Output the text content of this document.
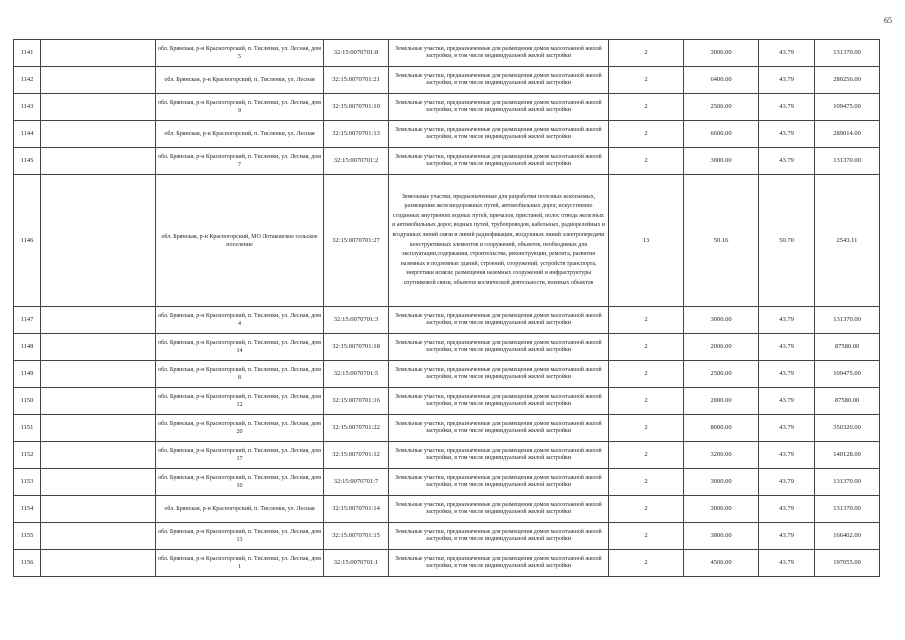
65
1141		обл. Брянская, р-н Красногорский, п. Тисленки, ул. Лесная, дом 5	32:15:0070701:8	Земельные участки, предназначенные для размещения домов малоэтажной жилой застройки, в том числе индивидуальной жилой застройки	2	3000.00	43.79	131370.00
1142		обл. Брянская, р-н Красногорский, п. Тисленки, ул. Лесная	32:15:0070701:21	Земельные участки, предназначенные для размещения домов малоэтажной жилой застройки, в том числе индивидуальной жилой застройки	2	6400.00	43.79	280256.00
1143		обл. Брянская, р-н Красногорский, п. Тисленки, ул. Лесная, дом 9	32:15:0070701:10	Земельные участки, предназначенные для размещения домов малоэтажной жилой застройки, в том числе индивидуальной жилой застройки	2	2500.00	43.79	109475.00
1144		обл. Брянская, р-н Красногорский, п. Тисленки, ул. Лесная	32:15:0070701:13	Земельные участки, предназначенные для размещения домов малоэтажной жилой застройки, в том числе индивидуальной жилой застройки	2	6600.00	43.79	289014.00
1145		обл. Брянская, р-н Красногорский, п. Тисленки, ул. Лесная, дом 7	32:15:0070701:2	Земельные участки, предназначенные для размещения домов малоэтажной жилой застройки, в том числе индивидуальной жилой застройки	2	3000.00	43.79	131370.00
1146		обл. Брянская, р-н Красногорский, МО Лотаковское сельское поселение	32:15:0070701:27	Земельные участки, предназначенные для разработки полезных ископаемых, размещения железнодорожных путей, автомобильных дорог, искусственно созданных внутренних водных путей, причалов, пристаней, полос отвода железных и автомобильных дорог, водных путей, трубопроводов, кабельных, радиорелейных и воздушных линий связи и линий радиофикации, воздушных линий электропередачи конструктивных элементов и сооружений, объектов, необходимых для эксплуатации,содержания, строительства, реконструкции, ремонта, развития наземных и подземных зданий, строений, сооружений, устройств транспорта, энергетики исвязи; размещения наземных сооружений и инфраструктуры спутниковой связи, объектов космической деятельности, военных объектов	13	50.16	50.70	2543.11
1147		обл. Брянская, р-н Красногорский, п. Тисленки, ул. Лесная, дом 4	32:15:0070701:3	Земельные участки, предназначенные для размещения домов малоэтажной жилой застройки, в том числе индивидуальной жилой застройки	2	3000.00	43.79	131370.00
1148		обл. Брянская, р-н Красногорский, п. Тисленки, ул. Лесная, дом 14	32:15:0070701:18	Земельные участки, предназначенные для размещения домов малоэтажной жилой застройки, в том числе индивидуальной жилой застройки	2	2000.00	43.79	87580.00
1149		обл. Брянская, р-н Красногорский, п. Тисленки, ул. Лесная, дом 8	32:15:0070701:5	Земельные участки, предназначенные для размещения домов малоэтажной жилой застройки, в том числе индивидуальной жилой застройки	2	2500.00	43.79	109475.00
1150		обл. Брянская, р-н Красногорский, п. Тисленки, ул. Лесная, дом 12	32:15:0070701:16	Земельные участки, предназначенные для размещения домов малоэтажной жилой застройки, в том числе индивидуальной жилой застройки	2	2000.00	43.79	87580.00
1151		обл. Брянская, р-н Красногорский, п. Тисленки, ул. Лесная, дом 20	32:15:0070701:22	Земельные участки, предназначенные для размещения домов малоэтажной жилой застройки, в том числе индивидуальной жилой застройки	2	8000.00	43.79	350320.00
1152		обл. Брянская, р-н Красногорский, п. Тисленки, ул. Лесная, дом 17	32:15:0070701:12	Земельные участки, предназначенные для размещения домов малоэтажной жилой застройки, в том числе индивидуальной жилой застройки	2	3200.00	43.79	140128.00
1153		обл. Брянская, р-н Красногорский, п. Тисленки, ул. Лесная, дом 10	32:15:0070701:7	Земельные участки, предназначенные для размещения домов малоэтажной жилой застройки, в том числе индивидуальной жилой застройки	2	3000.00	43.79	131370.00
1154		обл. Брянская, р-н Красногорский, п. Тисленки, ул. Лесная	32:15:0070701:14	Земельные участки, предназначенные для размещения домов малоэтажной жилой застройки, в том числе индивидуальной жилой застройки	2	3000.00	43.79	131370.00
1155		обл. Брянская, р-н Красногорский, п. Тисленки, ул. Лесная, дом 13	32:15:0070701:15	Земельные участки, предназначенные для размещения домов малоэтажной жилой застройки, в том числе индивидуальной жилой застройки	2	3800.00	43.79	166402.00
1156		обл. Брянская, р-н Красногорский, п. Тисленки, ул. Лесная, дом 1	32:15:0070701:1	Земельные участки, предназначенные для размещения домов малоэтажной жилой застройки, в том числе индивидуальной жилой застройки	2	4500.00	43.79	197055.00
